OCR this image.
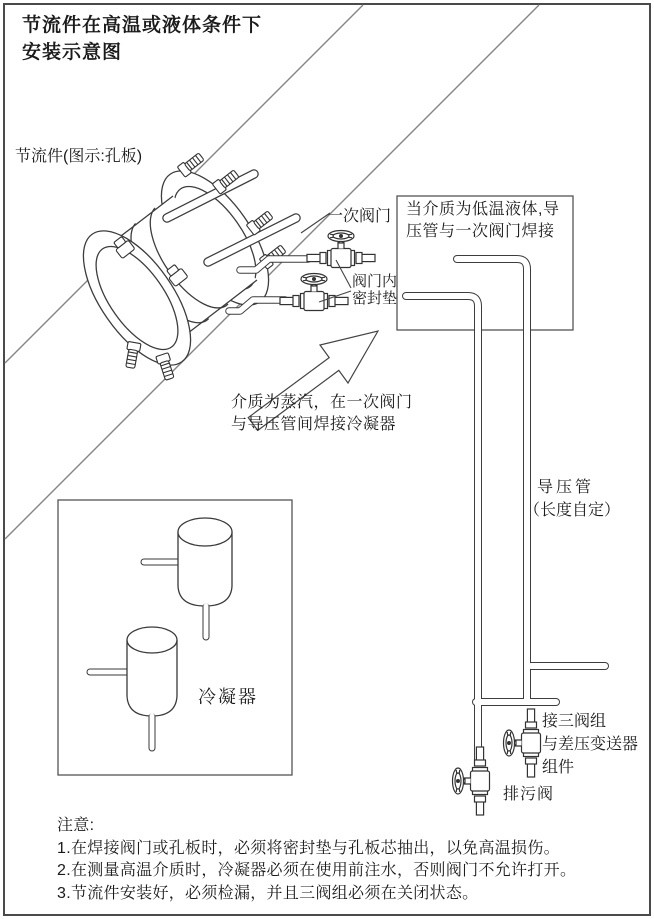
节流件在高温或液体条件下
安装示意图
节流件(图示:孔板)
一次阀门
阀门内
密封垫
当介质为低温液体,导
压管与一次阀门焊接
介质为蒸汽，在一次阀门
与导压管间焊接冷凝器
导压管
（长度自定）
冷凝器
接三阀组
与差压变送器
组件
排污阀
注意:
1.在焊接阀门或孔板时，必须将密封垫与孔板芯抽出，以免高温损伤。
2.在测量高温介质时，冷凝器必须在使用前注水，否则阀门不允许打开。
3.节流件安装好，必须检漏，并且三阀组必须在关闭状态。
